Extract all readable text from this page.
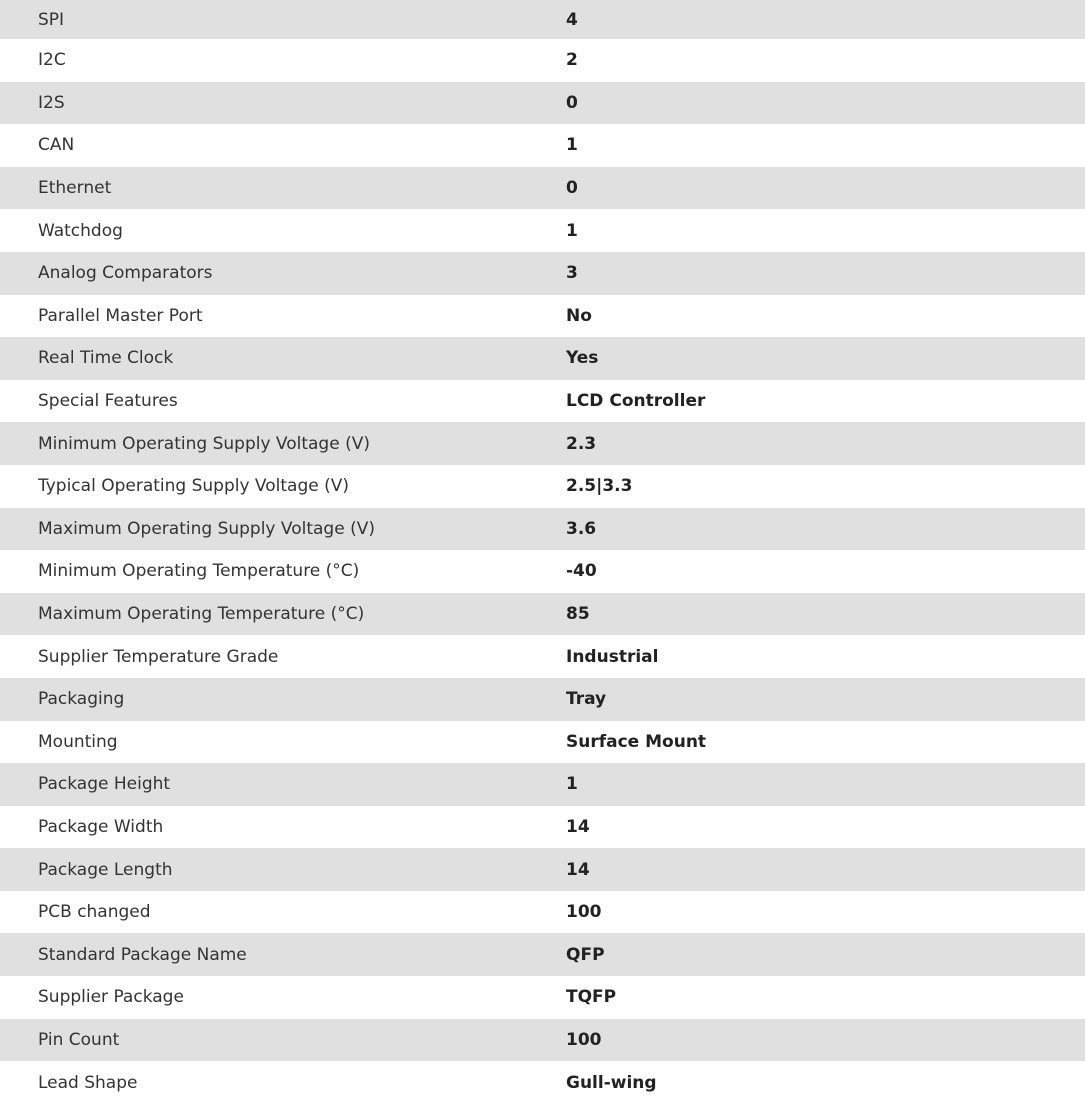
SPI	4
I2C	2
I2S	0
CAN	1
Ethernet	0
Watchdog	1
Analog Comparators	3
Parallel Master Port	No
Real Time Clock	Yes
Special Features	LCD Controller
Minimum Operating Supply Voltage (V)	2.3
Typical Operating Supply Voltage (V)	2.5|3.3
Maximum Operating Supply Voltage (V)	3.6
Minimum Operating Temperature (°C)	-40
Maximum Operating Temperature (°C)	85
Supplier Temperature Grade	Industrial
Packaging	Tray
Mounting	Surface Mount
Package Height	1
Package Width	14
Package Length	14
PCB changed	100
Standard Package Name	QFP
Supplier Package	TQFP
Pin Count	100
Lead Shape	Gull-wing
